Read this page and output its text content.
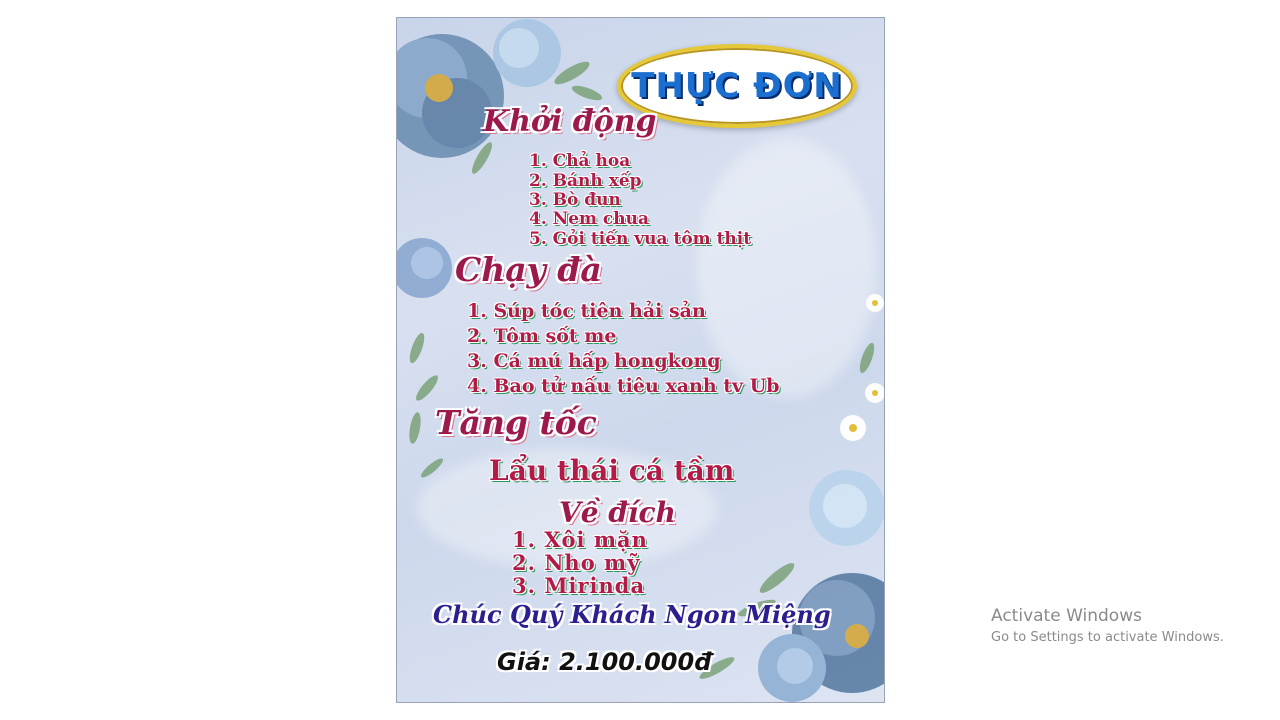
THỰC ĐƠN
Khởi động
1. Chả hoa
2. Bánh xếp
3. Bò đun
4. Nem chua
5. Gỏi tiến vua tôm thịt
Chạy đà
1. Súp tóc tiên hải sản
2. Tôm sốt me
3. Cá mú hấp hongkong
4. Bao tử nấu tiêu xanh tv Ub
Tăng tốc
Lẩu thái cá tầm
Về đích
1. Xôi mặn
2. Nho mỹ
3. Mirinda
Chúc Quý Khách Ngon Miệng
Giá: 2.100.000đ
Activate Windows
Go to Settings to activate Windows.
